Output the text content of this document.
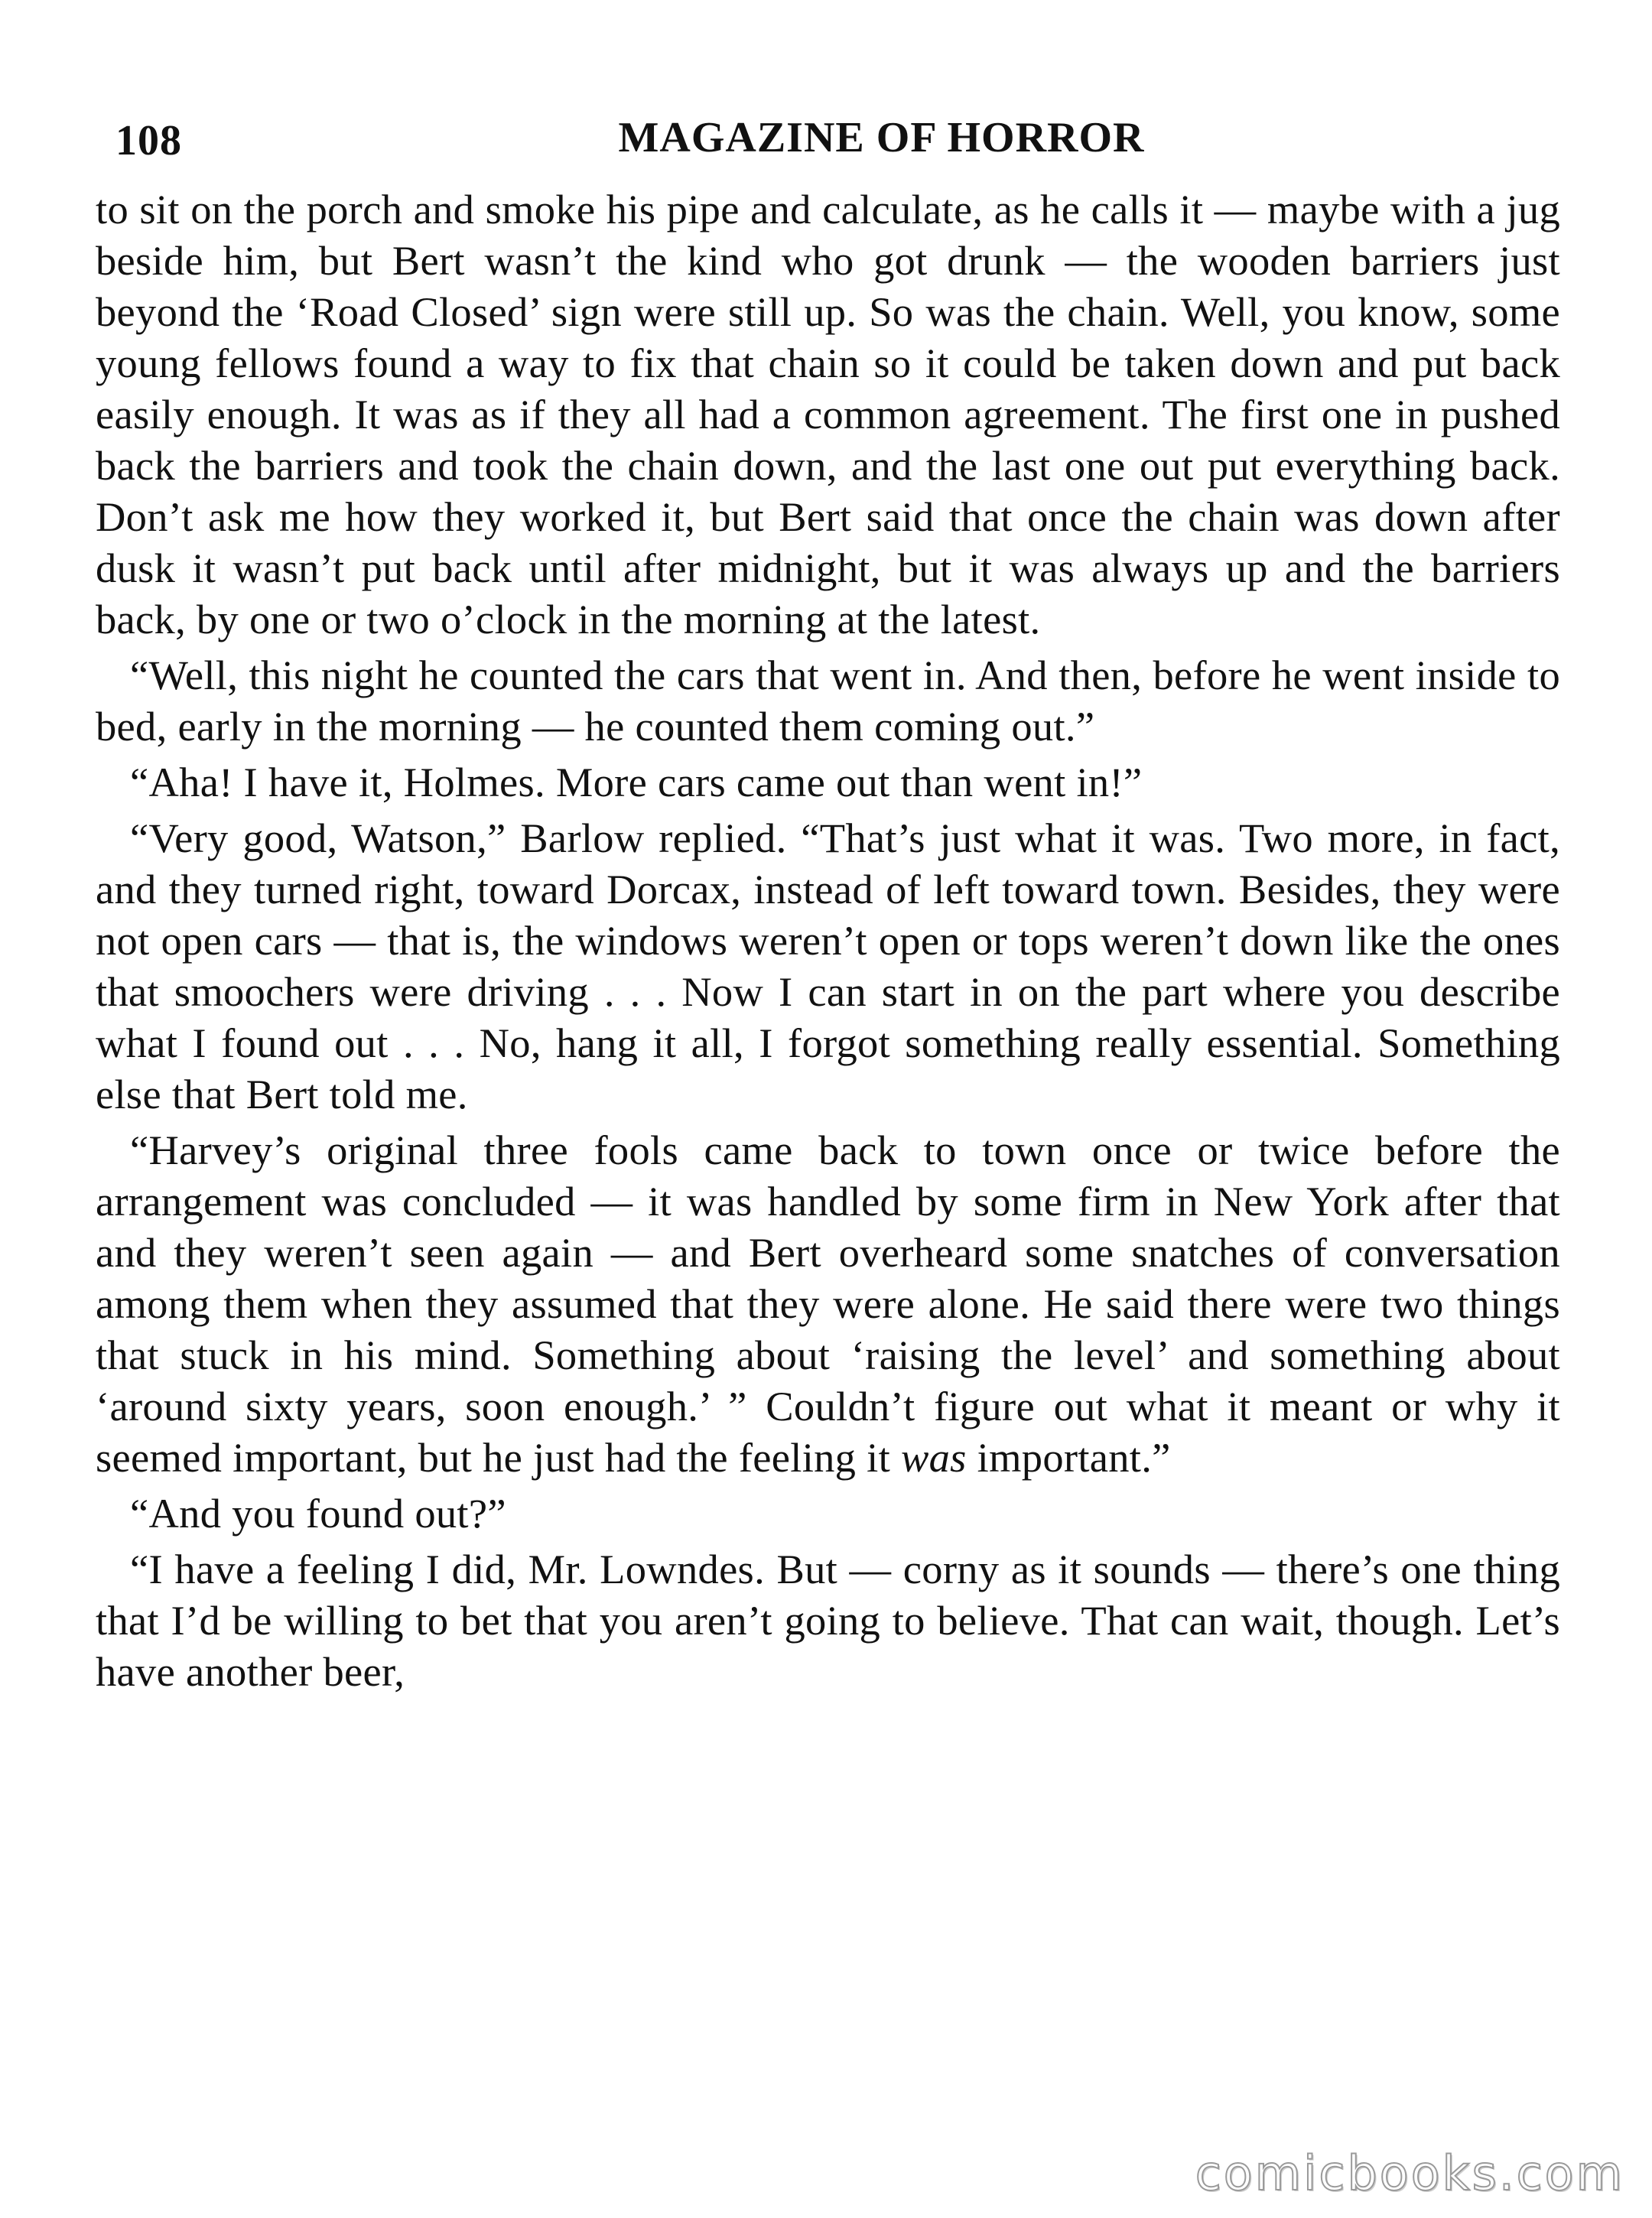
108	MAGAZINE OF HORROR

to sit on the porch and smoke his pipe and calculate, as he calls it — maybe with a jug beside him, but Bert wasn’t the kind who got drunk — the wooden barriers just beyond the ‘Road Closed’ sign were still up. So was the chain. Well, you know, some young fellows found a way to fix that chain so it could be taken down and put back easily enough. It was as if they all had a common agreement. The first one in pushed back the barriers and took the chain down, and the last one out put everything back. Don’t ask me how they worked it, but Bert said that once the chain was down after dusk it wasn’t put back until after midnight, but it was always up and the barriers back, by one or two o’clock in the morning at the latest.

“Well, this night he counted the cars that went in. And then, before he went inside to bed, early in the morning — he counted them coming out.”

“Aha! I have it, Holmes. More cars came out than went in!”

“Very good, Watson,” Barlow replied. “That’s just what it was. Two more, in fact, and they turned right, toward Dorcax, instead of left toward town. Besides, they were not open cars — that is, the windows weren’t open or tops weren’t down like the ones that smoochers were driving . . . Now I can start in on the part where you describe what I found out . . . No, hang it all, I forgot something really essential. Something else that Bert told me.

“Harvey’s original three fools came back to town once or twice before the arrangement was concluded — it was handled by some firm in New York after that and they weren’t seen again — and Bert overheard some snatches of conversation among them when they assumed that they were alone. He said there were two things that stuck in his mind. Something about ‘raising the level’ and something about ‘around sixty years, soon enough.’ ” Couldn’t figure out what it meant or why it seemed important, but he just had the feeling it was important.”

“And you found out?”

“I have a feeling I did, Mr. Lowndes. But — corny as it sounds — there’s one thing that I’d be willing to bet that you aren’t going to believe. That can wait, though. Let’s have another beer,

comicbooks.com
